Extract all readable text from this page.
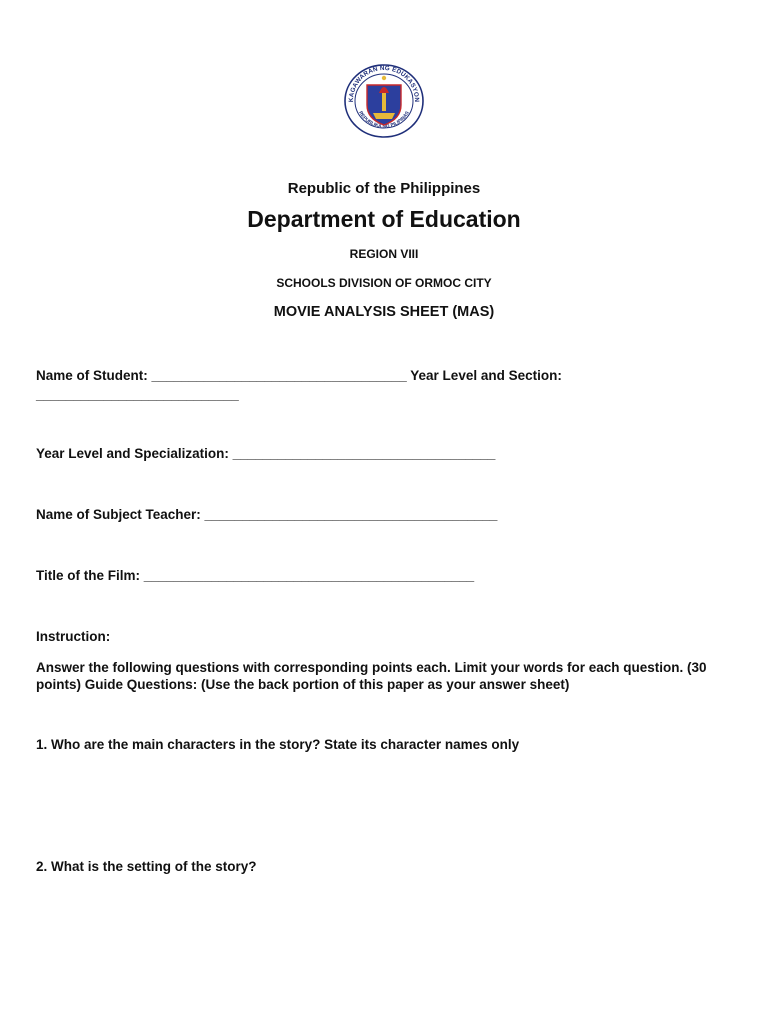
KAGAWARAN NG EDUKASYON
REPUBLIKA NG PILIPINAS

Republic of the Philippines

Department of Education

REGION VIII

SCHOOLS DIVISION OF ORMOC CITY

MOVIE ANALYSIS SHEET (MAS)

Name of Student: __________________________________ Year Level and Section:

___________________________

Year Level and Specialization: ___________________________________

Name of Subject Teacher: _______________________________________

Title of the Film: ____________________________________________

Instruction:

Answer the following questions with corresponding points each. Limit your words for each question. (30 points) Guide Questions: (Use the back portion of this paper as your answer sheet)

1. Who are the main characters in the story? State its character names only

2. What is the setting of the story?
